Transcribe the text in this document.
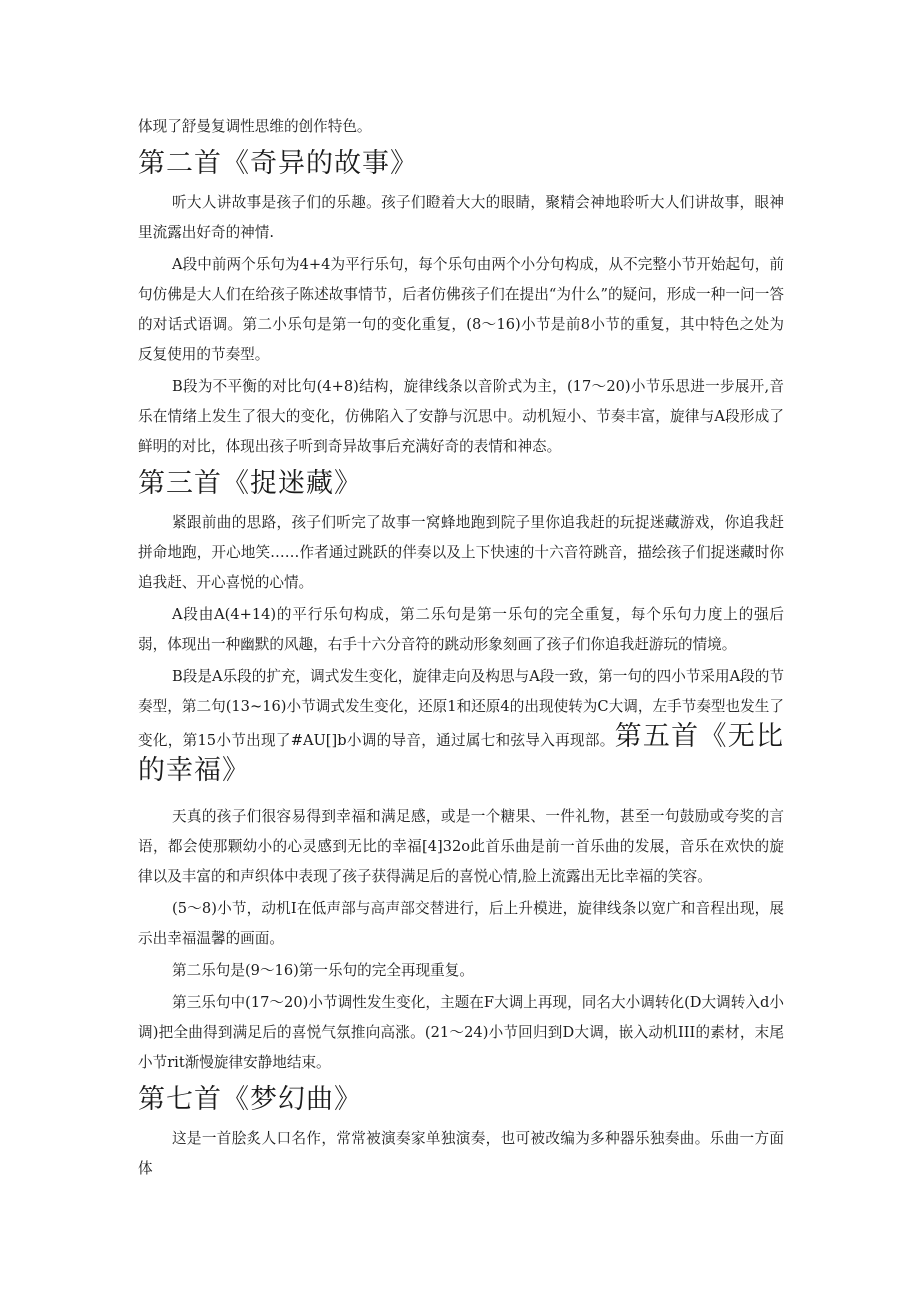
体现了舒曼复调性思维的创作特色。

第二首《奇异的故事》

听大人讲故事是孩子们的乐趣。孩子们瞪着大大的眼睛，聚精会神地聆听大人们讲故事，眼神里流露出好奇的神情.

A段中前两个乐句为4+4为平行乐句，每个乐句由两个小分句构成，从不完整小节开始起句，前句仿佛是大人们在给孩子陈述故事情节，后者仿佛孩子们在提出“为什么”的疑问，形成一种一问一答的对话式语调。第二小乐句是第一句的变化重复，(8～16)小节是前8小节的重复，其中特色之处为反复使用的节奏型。

B段为不平衡的对比句(4+8)结构，旋律线条以音阶式为主，(17～20)小节乐思进一步展开,音乐在情绪上发生了很大的变化，仿佛陷入了安静与沉思中。动机短小、节奏丰富，旋律与A段形成了鲜明的对比，体现出孩子听到奇异故事后充满好奇的表情和神态。

第三首《捉迷藏》

紧跟前曲的思路，孩子们听完了故事一窝蜂地跑到院子里你追我赶的玩捉迷藏游戏，你追我赶拼命地跑，开心地笑……作者通过跳跃的伴奏以及上下快速的十六音符跳音，描绘孩子们捉迷藏时你追我赶、开心喜悦的心情。

A段由A(4+14)的平行乐句构成，第二乐句是第一乐句的完全重复，每个乐句力度上的强后弱，体现出一种幽默的风趣，右手十六分音符的跳动形象刻画了孩子们你追我赶游玩的情境。

B段是A乐段的扩充，调式发生变化，旋律走向及构思与A段一致，第一句的四小节采用A段的节奏型，第二句(13~16)小节调式发生变化，还原1和还原4的出现使转为C大调，左手节奏型也发生了变化，第15小节出现了#AU[]b小调的导音，通过属七和弦导入再现部。第五首《无比的幸福》

天真的孩子们很容易得到幸福和满足感，或是一个糖果、一件礼物，甚至一句鼓励或夸奖的言语，都会使那颗幼小的心灵感到无比的幸福[4]32o此首乐曲是前一首乐曲的发展，音乐在欢快的旋律以及丰富的和声织体中表现了孩子获得满足后的喜悦心情,脸上流露出无比幸福的笑容。

(5～8)小节，动机I在低声部与高声部交替进行，后上升模进，旋律线条以宽广和音程出现，展示出幸福温馨的画面。

第二乐句是(9～16)第一乐句的完全再现重复。

第三乐句中(17～20)小节调性发生变化，主题在F大调上再现，同名大小调转化(D大调转入d小调)把全曲得到满足后的喜悦气氛推向高涨。(21～24)小节回归到D大调，嵌入动机III的素材，末尾小节rit渐慢旋律安静地结束。

第七首《梦幻曲》

这是一首脍炙人口名作，常常被演奏家单独演奏，也可被改编为多种器乐独奏曲。乐曲一方面体
